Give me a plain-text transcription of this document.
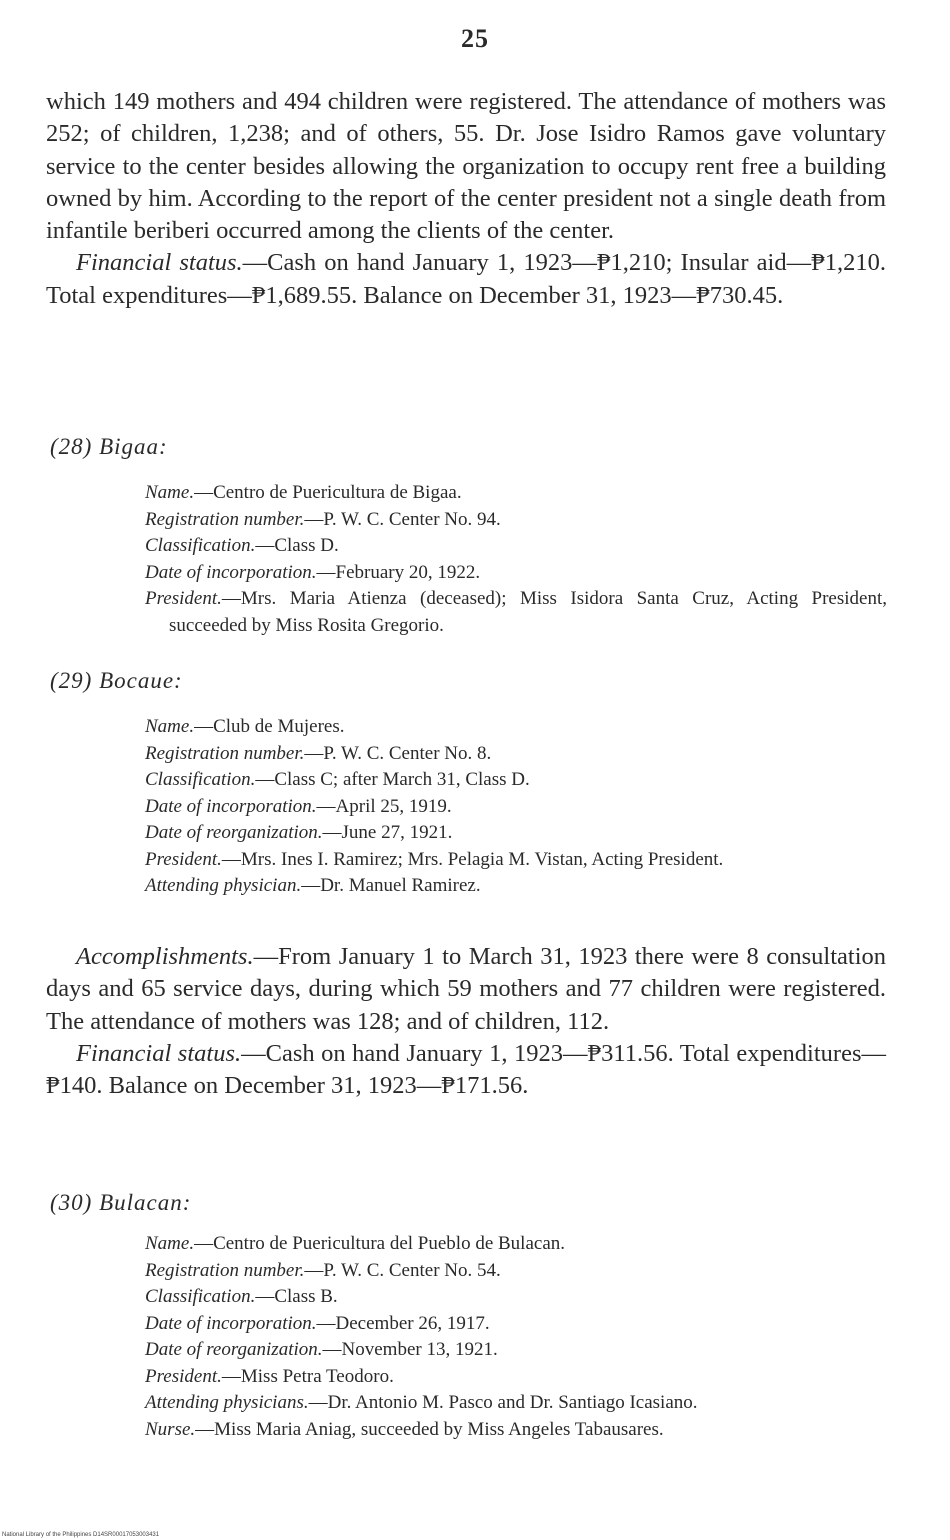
25

which 149 mothers and 494 children were registered. The attendance of mothers was 252; of children, 1,238; and of others, 55. Dr. Jose Isidro Ramos gave voluntary service to the center besides allowing the organization to occupy rent free a building owned by him. According to the report of the center president not a single death from infantile beriberi occurred among the clients of the center.

Financial status.—Cash on hand January 1, 1923—₱1,210; Insular aid—₱1,210. Total expenditures—₱1,689.55. Balance on December 31, 1923—₱730.45.

(28) Bigaa:

Name.—Centro de Puericultura de Bigaa.

Registration number.—P. W. C. Center No. 94.

Classification.—Class D.

Date of incorporation.—February 20, 1922.

President.—Mrs. Maria Atienza (deceased); Miss Isidora Santa Cruz, Acting President, succeeded by Miss Rosita Gregorio.

(29) Bocaue:

Name.—Club de Mujeres.

Registration number.—P. W. C. Center No. 8.

Classification.—Class C; after March 31, Class D.

Date of incorporation.—April 25, 1919.

Date of reorganization.—June 27, 1921.

President.—Mrs. Ines I. Ramirez; Mrs. Pelagia M. Vistan, Acting President.

Attending physician.—Dr. Manuel Ramirez.

Accomplishments.—From January 1 to March 31, 1923 there were 8 consultation days and 65 service days, during which 59 mothers and 77 children were registered. The attendance of mothers was 128; and of children, 112.

Financial status.—Cash on hand January 1, 1923—₱311.56. Total expenditures—₱140. Balance on December 31, 1923—₱171.56.

(30) Bulacan:

Name.—Centro de Puericultura del Pueblo de Bulacan.

Registration number.—P. W. C. Center No. 54.

Classification.—Class B.

Date of incorporation.—December 26, 1917.

Date of reorganization.—November 13, 1921.

President.—Miss Petra Teodoro.

Attending physicians.—Dr. Antonio M. Pasco and Dr. Santiago Icasiano.

Nurse.—Miss Maria Aniag, succeeded by Miss Angeles Tabausares.

National Library of the Philippines D14SR00017053003431
